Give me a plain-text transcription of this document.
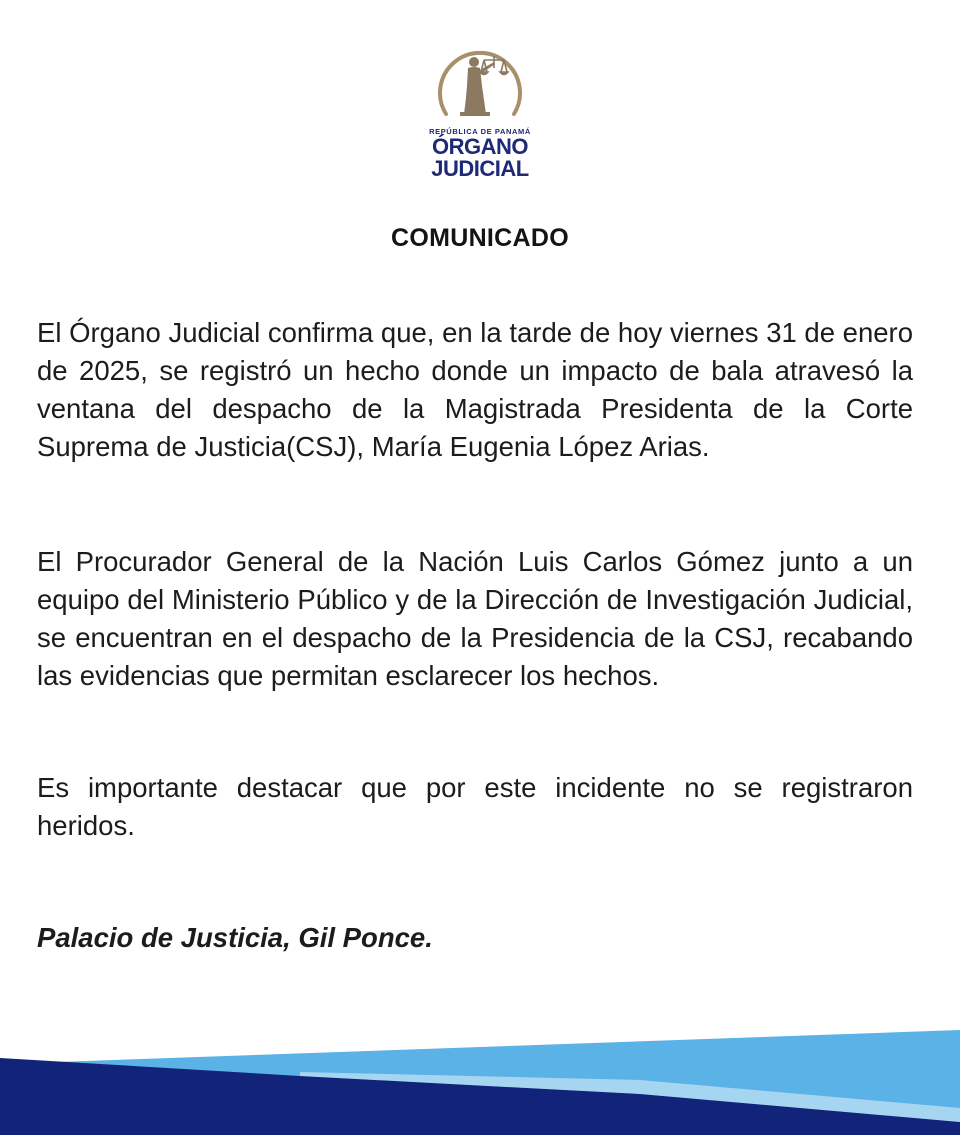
REPÚBLICA DE PANAMÁ
ÓRGANO
JUDICIAL
COMUNICADO

El Órgano Judicial confirma que, en la tarde de hoy viernes 31 de enero de 2025, se registró un hecho donde un impacto de bala atravesó la ventana del despacho de la Magistrada Presidenta de la Corte Suprema de Justicia(CSJ), María Eugenia López Arias.

El Procurador General de la Nación Luis Carlos Gómez junto a un equipo del Ministerio Público y de la Dirección de Investigación Judicial, se encuentran en el despacho de la Presidencia de la CSJ, recabando las evidencias que permitan esclarecer los hechos.

Es importante destacar que por este incidente no se registraron heridos.

Palacio de Justicia, Gil Ponce.
